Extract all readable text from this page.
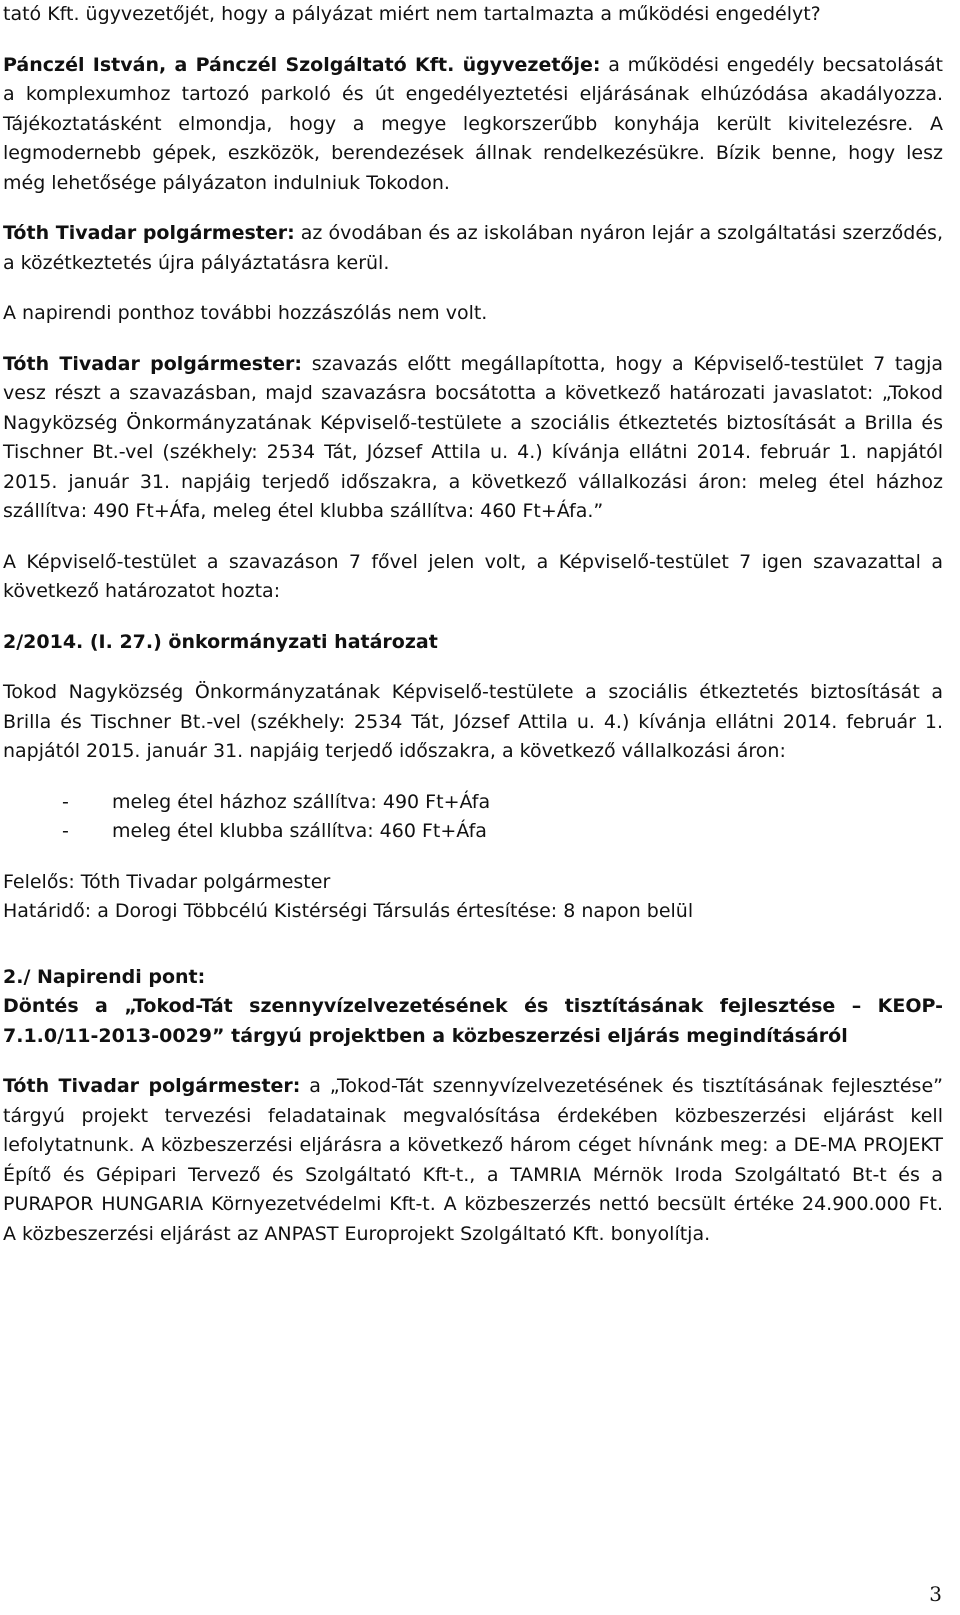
tató Kft. ügyvezetőjét, hogy a pályázat miért nem tartalmazta a működési engedélyt?

Pánczél István, a Pánczél Szolgáltató Kft. ügyvezetője: a működési engedély becsatolását a komplexumhoz tartozó parkoló és út engedélyeztetési eljárásának elhúzódása akadályozza. Tájékoztatásként elmondja, hogy a megye legkorszerűbb konyhája került kivitelezésre. A legmodernebb gépek, eszközök, berendezések állnak rendelkezésükre. Bízik benne, hogy lesz még lehetősége pályázaton indulniuk Tokodon.

Tóth Tivadar polgármester: az óvodában és az iskolában nyáron lejár a szolgáltatási szerződés, a közétkeztetés újra pályáztatásra kerül.

A napirendi ponthoz további hozzászólás nem volt.

Tóth Tivadar polgármester: szavazás előtt megállapította, hogy a Képviselő-testület 7 tagja vesz részt a szavazásban, majd szavazásra bocsátotta a következő határozati javaslatot: „Tokod Nagyközség Önkormányzatának Képviselő-testülete a szociális étkeztetés biztosítását a Brilla és Tischner Bt.-vel (székhely: 2534 Tát, József Attila u. 4.) kívánja ellátni 2014. február 1. napjától 2015. január 31. napjáig terjedő időszakra, a következő vállalkozási áron: meleg étel házhoz szállítva: 490 Ft+Áfa, meleg étel klubba szállítva: 460 Ft+Áfa.”

A Képviselő-testület a szavazáson 7 fővel jelen volt, a Képviselő-testület 7 igen szavazattal a következő határozatot hozta:

2/2014. (I. 27.) önkormányzati határozat

Tokod Nagyközség Önkormányzatának Képviselő-testülete a szociális étkeztetés biztosítását a Brilla és Tischner Bt.-vel (székhely: 2534 Tát, József Attila u. 4.) kívánja ellátni 2014. február 1. napjától 2015. január 31. napjáig terjedő időszakra, a következő vállalkozási áron:

- meleg étel házhoz szállítva: 490 Ft+Áfa
- meleg étel klubba szállítva: 460 Ft+Áfa

Felelős: Tóth Tivadar polgármester

Határidő: a Dorogi Többcélú Kistérségi Társulás értesítése: 8 napon belül

2./ Napirendi pont:

Döntés a „Tokod-Tát szennyvízelvezetésének és tisztításának fejlesztése – KEOP-7.1.0/11-2013-0029” tárgyú projektben a közbeszerzési eljárás megindításáról

Tóth Tivadar polgármester: a „Tokod-Tát szennyvízelvezetésének és tisztításának fejlesztése” tárgyú projekt tervezési feladatainak megvalósítása érdekében közbeszerzési eljárást kell lefolytatnunk. A közbeszerzési eljárásra a következő három céget hívnánk meg: a DE-MA PROJEKT Építő és Gépipari Tervező és Szolgáltató Kft-t., a TAMRIA Mérnök Iroda Szolgáltató Bt-t és a PURAPOR HUNGARIA Környezetvédelmi Kft-t. A közbeszerzés nettó becsült értéke 24.900.000 Ft. A közbeszerzési eljárást az ANPAST Europrojekt Szolgáltató Kft. bonyolítja.

3
